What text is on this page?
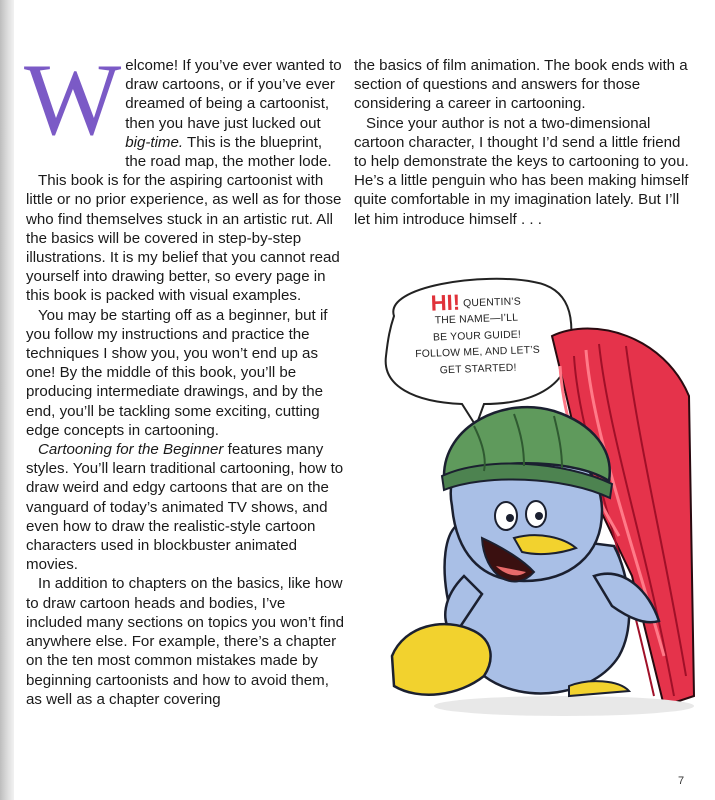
Welcome! If you’ve ever wanted to draw cartoons, or if you’ve ever dreamed of being a cartoonist, then you have just lucked out big-time. This is the blueprint, the road map, the mother lode.

This book is for the aspiring cartoonist with little or no prior experience, as well as for those who find themselves stuck in an artistic rut. All the basics will be covered in step-by-step illustrations. It is my belief that you cannot read yourself into drawing better, so every page in this book is packed with visual examples.

You may be starting off as a beginner, but if you follow my instructions and practice the techniques I show you, you won’t end up as one! By the middle of this book, you’ll be producing intermediate drawings, and by the end, you’ll be tackling some exciting, cutting edge concepts in cartooning.

Cartooning for the Beginner features many styles. You’ll learn traditional cartooning, how to draw weird and edgy cartoons that are on the vanguard of today’s animated TV shows, and even how to draw the realistic-style cartoon characters used in blockbuster animated movies.

In addition to chapters on the basics, like how to draw cartoon heads and bodies, I’ve included many sections on topics you won’t find anywhere else. For example, there’s a chapter on the ten most common mistakes made by beginning cartoonists and how to avoid them, as well as a chapter covering

the basics of film animation. The book ends with a section of questions and answers for those considering a career in cartooning.

Since your author is not a two-dimensional cartoon character, I thought I’d send a little friend to help demonstrate the keys to cartooning to you. He’s a little penguin who has been making himself quite comfortable in my imagination lately. But I’ll let him introduce himself . . .

HI! QUENTIN’S
THE NAME—I’LL
BE YOUR GUIDE!
FOLLOW ME, AND LET’S
GET STARTED!
7
